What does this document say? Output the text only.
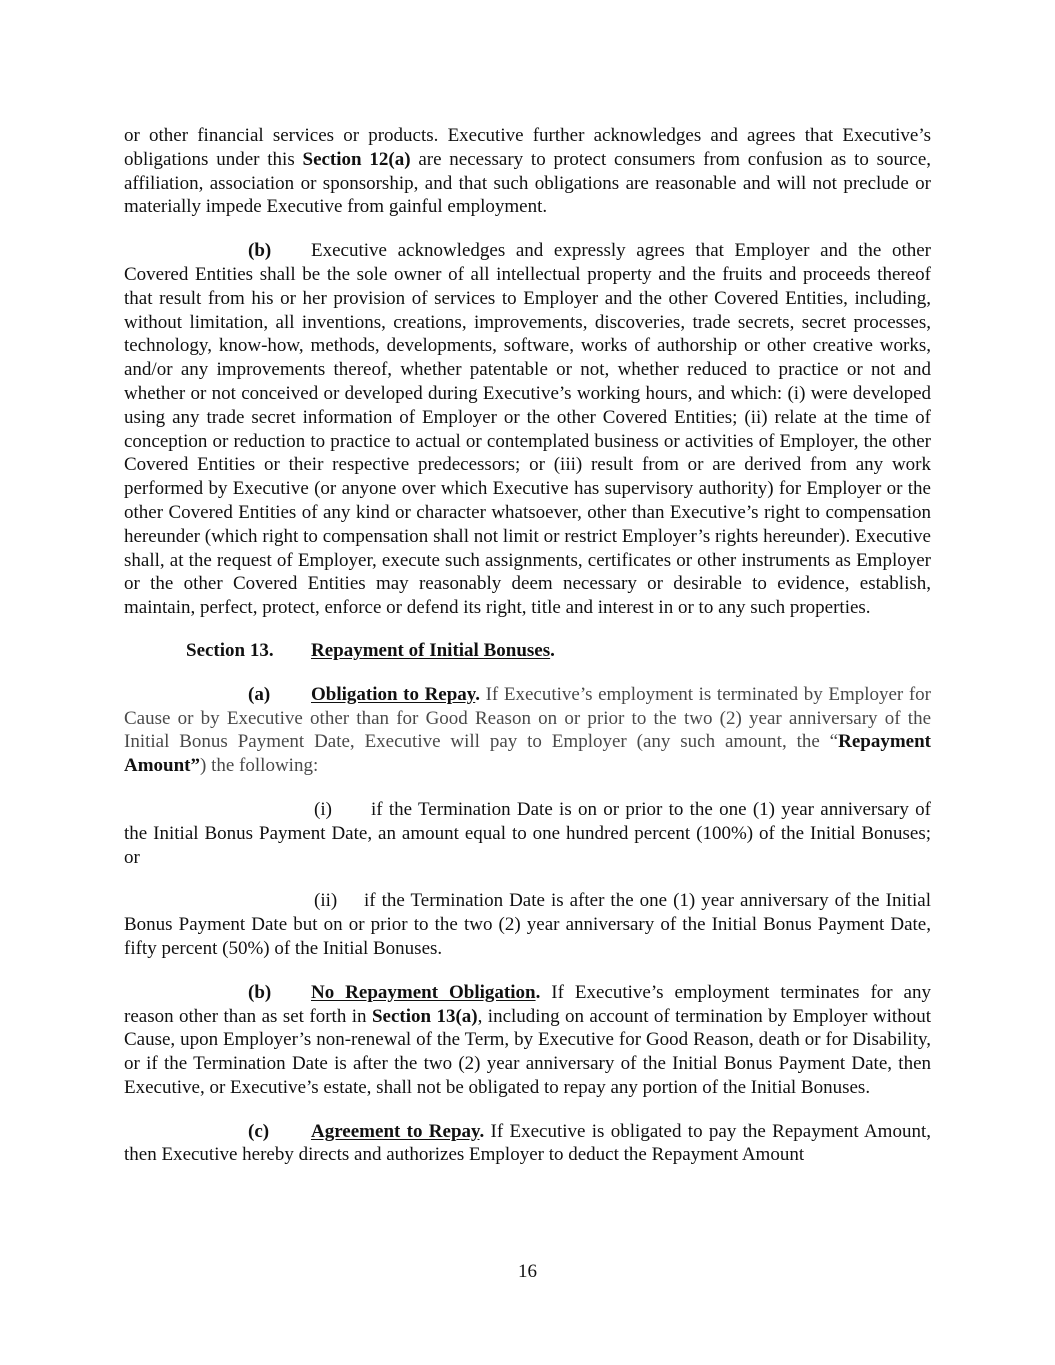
or other financial services or products. Executive further acknowledges and agrees that Executive’s obligations under this Section 12(a) are necessary to protect consumers from confusion as to source, affiliation, association or sponsorship, and that such obligations are reasonable and will not preclude or materially impede Executive from gainful employment.

(b) Executive acknowledges and expressly agrees that Employer and the other Covered Entities shall be the sole owner of all intellectual property and the fruits and proceeds thereof that result from his or her provision of services to Employer and the other Covered Entities, including, without limitation, all inventions, creations, improvements, discoveries, trade secrets, secret processes, technology, know-how, methods, developments, software, works of authorship or other creative works, and/or any improvements thereof, whether patentable or not, whether reduced to practice or not and whether or not conceived or developed during Executive’s working hours, and which: (i) were developed using any trade secret information of Employer or the other Covered Entities; (ii) relate at the time of conception or reduction to practice to actual or contemplated business or activities of Employer, the other Covered Entities or their respective predecessors; or (iii) result from or are derived from any work performed by Executive (or anyone over which Executive has supervisory authority) for Employer or the other Covered Entities of any kind or character whatsoever, other than Executive’s right to compensation hereunder (which right to compensation shall not limit or restrict Employer’s rights hereunder). Executive shall, at the request of Employer, execute such assignments, certificates or other instruments as Employer or the other Covered Entities may reasonably deem necessary or desirable to evidence, establish, maintain, perfect, protect, enforce or defend its right, title and interest in or to any such properties.

Section 13. Repayment of Initial Bonuses.

(a) Obligation to Repay. If Executive’s employment is terminated by Employer for Cause or by Executive other than for Good Reason on or prior to the two (2) year anniversary of the Initial Bonus Payment Date, Executive will pay to Employer (any such amount, the “Repayment Amount”) the following:

(i) if the Termination Date is on or prior to the one (1) year anniversary of the Initial Bonus Payment Date, an amount equal to one hundred percent (100%) of the Initial Bonuses; or

(ii) if the Termination Date is after the one (1) year anniversary of the Initial Bonus Payment Date but on or prior to the two (2) year anniversary of the Initial Bonus Payment Date, fifty percent (50%) of the Initial Bonuses.

(b) No Repayment Obligation. If Executive’s employment terminates for any reason other than as set forth in Section 13(a), including on account of termination by Employer without Cause, upon Employer’s non-renewal of the Term, by Executive for Good Reason, death or for Disability, or if the Termination Date is after the two (2) year anniversary of the Initial Bonus Payment Date, then Executive, or Executive’s estate, shall not be obligated to repay any portion of the Initial Bonuses.

(c) Agreement to Repay. If Executive is obligated to pay the Repayment Amount, then Executive hereby directs and authorizes Employer to deduct the Repayment Amount

16
